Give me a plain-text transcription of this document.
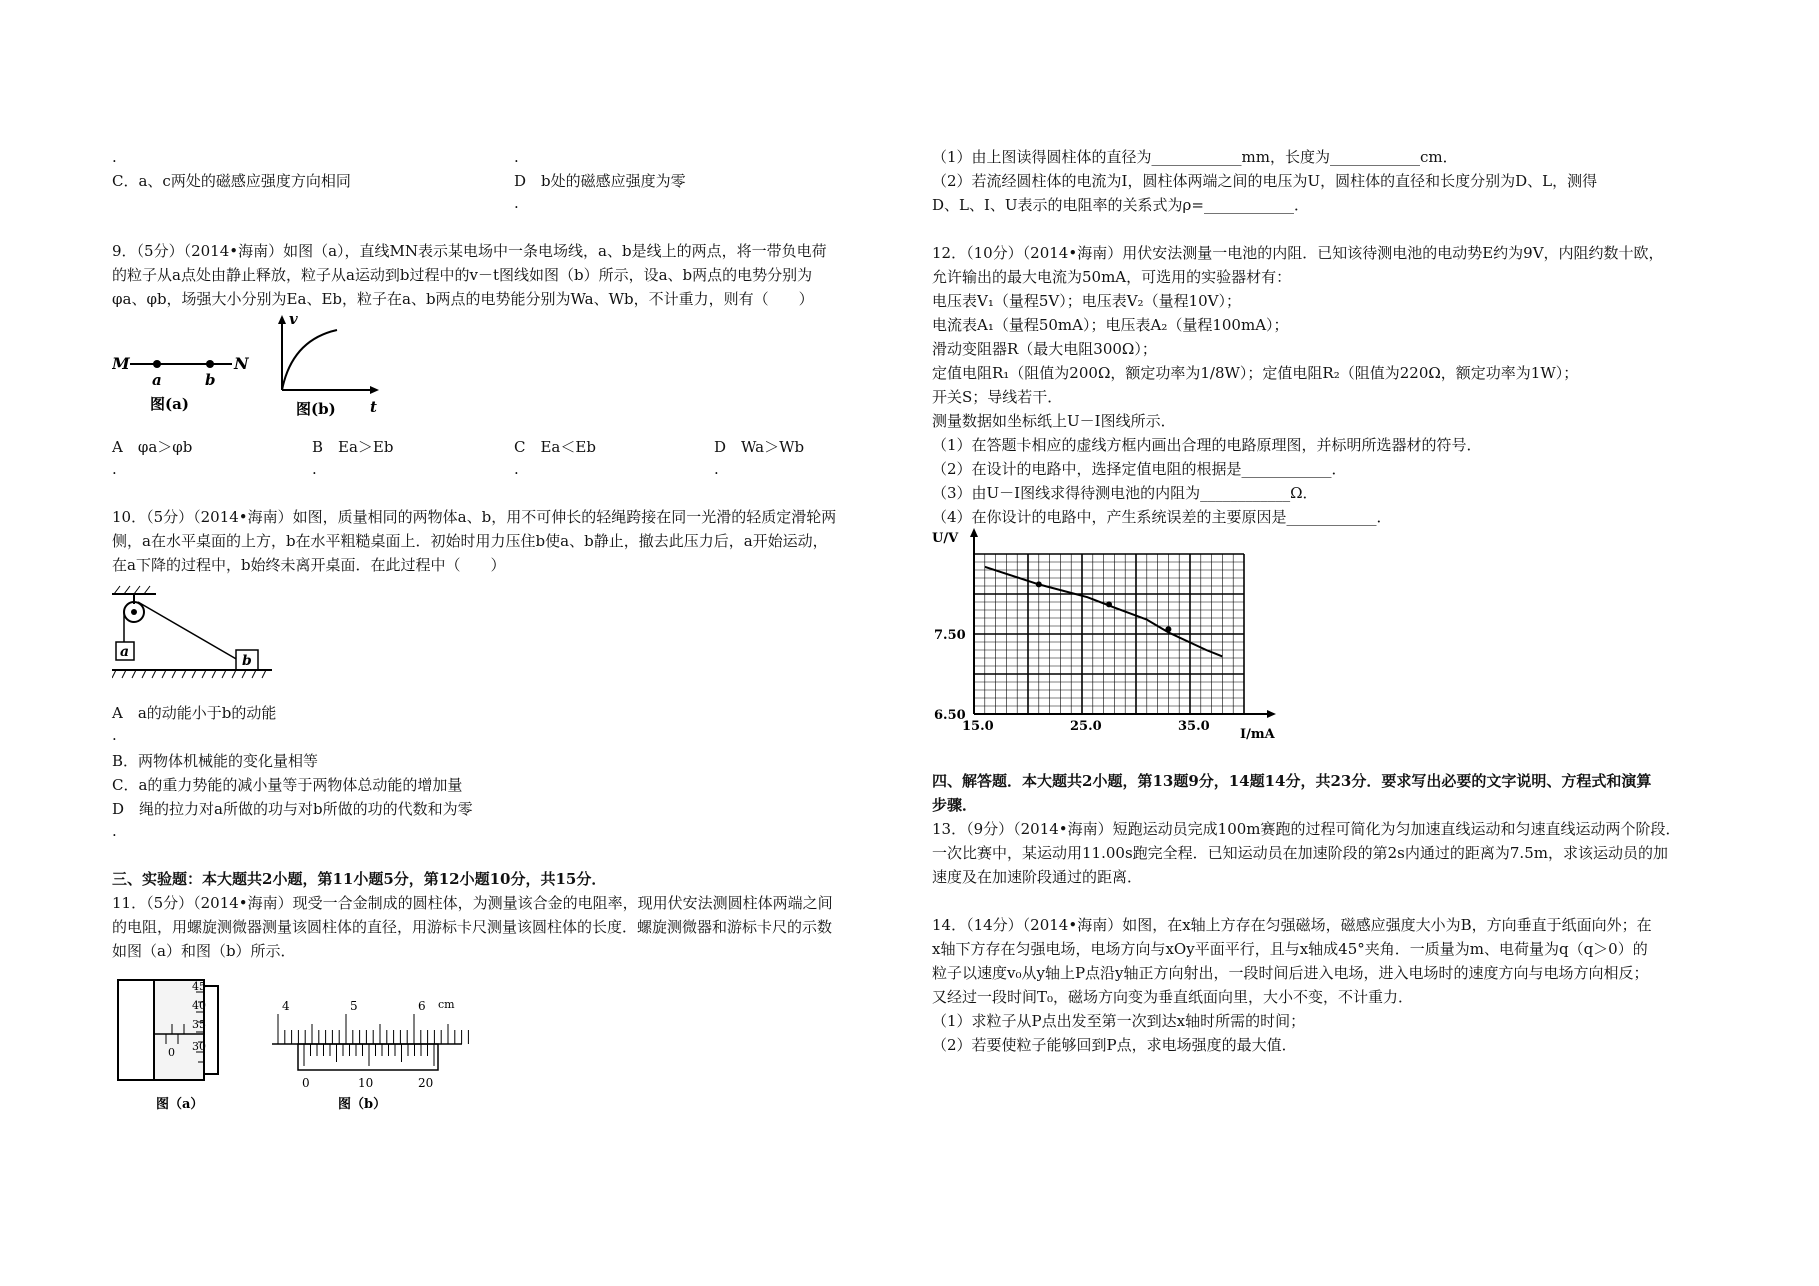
.	.
C．a、c两处的磁感应强度方向相同	D　b处的磁感应强度为零
.
9．（5分）（2014•海南）如图（a），直线MN表示某电场中一条电场线，a、b是线上的两点，将一带负电荷
的粒子从a点处由静止释放，粒子从a运动到b过程中的v－t图线如图（b）所示，设a、b两点的电势分别为
φa、φb，场强大小分别为Ea、Eb，粒子在a、b两点的电势能分别为Wa、Wb，不计重力，则有（　　）
M
a	b
N
图(a)
v
t
图(b)
A　φa＞φb	B　Ea＞Eb	C　Ea＜Eb	D　Wa＞Wb
.	.	.	.
10．（5分）（2014•海南）如图，质量相同的两物体a、b，用不可伸长的轻绳跨接在同一光滑的轻质定滑轮两
侧，a在水平桌面的上方，b在水平粗糙桌面上．初始时用力压住b使a、b静止，撤去此压力后，a开始运动，
在a下降的过程中，b始终未离开桌面．在此过程中（　　）
a
b
A　a的动能小于b的动能
.
B．两物体机械能的变化量相等
C．a的重力势能的减小量等于两物体总动能的增加量
D　绳的拉力对a所做的功与对b所做的功的代数和为零
.
三、实验题：本大题共2小题，第11小题5分，第12小题10分，共15分．
11．（5分）（2014•海南）现受一合金制成的圆柱体，为测量该合金的电阻率，现用伏安法测圆柱体两端之间
的电阻，用螺旋测微器测量该圆柱体的直径，用游标卡尺测量该圆柱体的长度．螺旋测微器和游标卡尺的示数
如图（a）和图（b）所示．
45
40
35
30
0
图（a）
4	5	6 cm
0	10	20
图（b）
（1）由上图读得圆柱体的直径为____________mm，长度为____________cm．
（2）若流经圆柱体的电流为I，圆柱体两端之间的电压为U，圆柱体的直径和长度分别为D、L，测得
D、L、I、U表示的电阻率的关系式为ρ=____________．
12．（10分）（2014•海南）用伏安法测量一电池的内阻．已知该待测电池的电动势E约为9V，内阻约数十欧，
允许输出的最大电流为50mA，可选用的实验器材有：
电压表V₁（量程5V）；电压表V₂（量程10V）；
电流表A₁（量程50mA）；电压表A₂（量程100mA）；
滑动变阻器R（最大电阻300Ω）；
定值电阻R₁（阻值为200Ω，额定功率为1/8W）；定值电阻R₂（阻值为220Ω，额定功率为1W）；
开关S；导线若干．
测量数据如坐标纸上U－I图线所示．
（1）在答题卡相应的虚线方框内画出合理的电路原理图，并标明所选器材的符号．
（2）在设计的电路中，选择定值电阻的根据是____________．
（3）由U－I图线求得待测电池的内阻为____________Ω．
（4）在你设计的电路中，产生系统误差的主要原因是____________．
15.0	25.0	35.0
6.50
7.50
U/V
I/mA
四、解答题．本大题共2小题，第13题9分，14题14分，共23分．要求写出必要的文字说明、方程式和演算
步骤．
13．（9分）（2014•海南）短跑运动员完成100m赛跑的过程可简化为匀加速直线运动和匀速直线运动两个阶段．
一次比赛中，某运动用11.00s跑完全程．已知运动员在加速阶段的第2s内通过的距离为7.5m，求该运动员的加
速度及在加速阶段通过的距离．
14．（14分）（2014•海南）如图，在x轴上方存在匀强磁场，磁感应强度大小为B，方向垂直于纸面向外；在
x轴下方存在匀强电场，电场方向与xOy平面平行，且与x轴成45°夹角．一质量为m、电荷量为q（q＞0）的
粒子以速度v₀从y轴上P点沿y轴正方向射出，一段时间后进入电场，进入电场时的速度方向与电场方向相反；
又经过一段时间T₀，磁场方向变为垂直纸面向里，大小不变，不计重力．
（1）求粒子从P点出发至第一次到达x轴时所需的时间；
（2）若要使粒子能够回到P点，求电场强度的最大值．
